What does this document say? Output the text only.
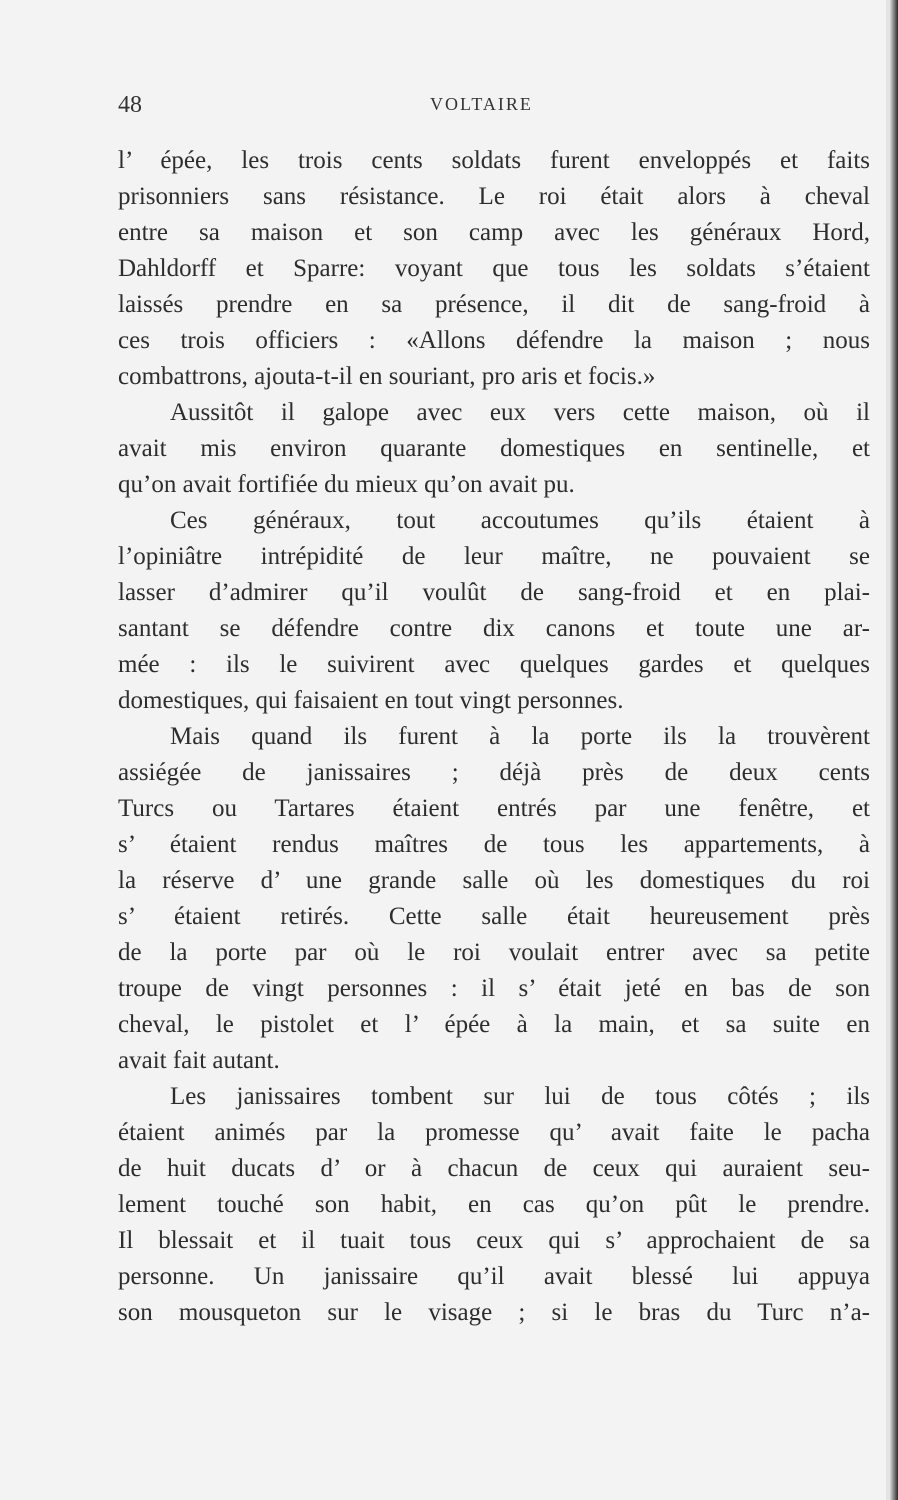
48	VOLTAIRE
l’ épée, les trois cents soldats furent enveloppés et faits
prisonniers sans résistance. Le roi était alors à cheval
entre sa maison et son camp avec les généraux Hord,
Dahldorff et Sparre: voyant que tous les soldats s’étaient
laissés prendre en sa présence, il dit de sang-froid à
ces trois officiers : «Allons défendre la maison ; nous
combattrons, ajouta-t-il en souriant, pro aris et focis.»
Aussitôt il galope avec eux vers cette maison, où il
avait mis environ quarante domestiques en sentinelle, et
qu’on avait fortifiée du mieux qu’on avait pu.
Ces généraux, tout accoutumes qu’ils étaient à
l’opiniâtre intrépidité de leur maître, ne pouvaient se
lasser d’admirer qu’il voulût de sang-froid et en plai-
santant se défendre contre dix canons et toute une ar-
mée : ils le suivirent avec quelques gardes et quelques
domestiques, qui faisaient en tout vingt personnes.
Mais quand ils furent à la porte ils la trouvèrent
assiégée de janissaires ; déjà près de deux cents
Turcs ou Tartares étaient entrés par une fenêtre, et
s’ étaient rendus maîtres de tous les appartements, à
la réserve d’ une grande salle où les domestiques du roi
s’ étaient retirés. Cette salle était heureusement près
de la porte par où le roi voulait entrer avec sa petite
troupe de vingt personnes : il s’ était jeté en bas de son
cheval, le pistolet et l’ épée à la main, et sa suite en
avait fait autant.
Les janissaires tombent sur lui de tous côtés ; ils
étaient animés par la promesse qu’ avait faite le pacha
de huit ducats d’ or à chacun de ceux qui auraient seu-
lement touché son habit, en cas qu’on pût le prendre.
Il blessait et il tuait tous ceux qui s’ approchaient de sa
personne. Un janissaire qu’il avait blessé lui appuya
son mousqueton sur le visage ; si le bras du Turc n’a-
